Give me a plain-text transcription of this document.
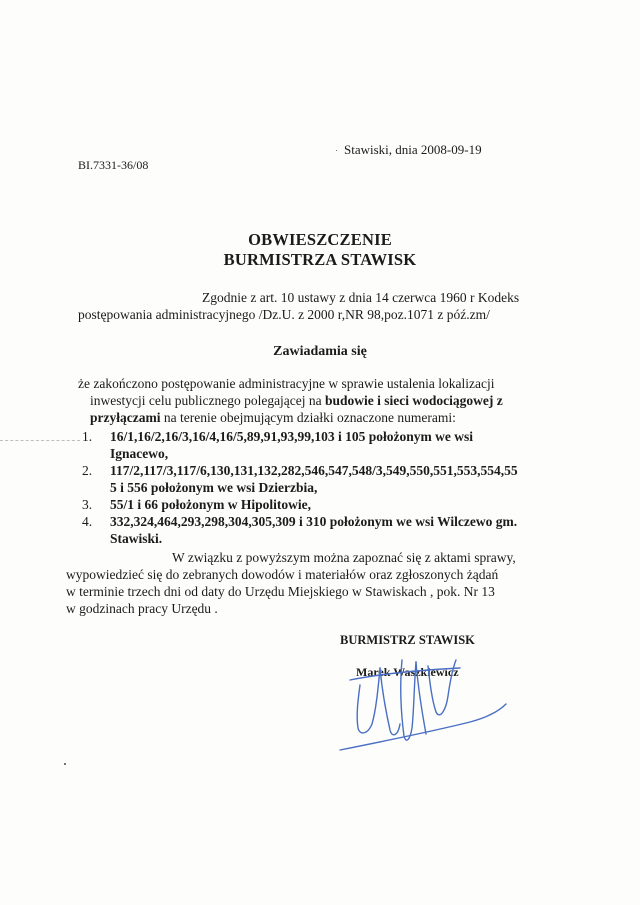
Stawiski, dnia 2008-09-19
BI.7331-36/08
OBWIESZCZENIE
BURMISTRZA STAWISK
Zgodnie z art. 10 ustawy z dnia 14 czerwca 1960 r Kodeks
postępowania administracyjnego /Dz.U. z 2000 r,NR 98,poz.1071 z póź.zm/
Zawiadamia się
że zakończono postępowanie administracyjne w sprawie ustalenia lokalizacji
inwestycji celu publicznego polegającej na budowie i sieci wodociągowej z
przyłączami na terenie obejmującym działki oznaczone numerami:
1. 16/1,16/2,16/3,16/4,16/5,89,91,93,99,103 i 105 położonym we wsi
Ignacewo,
2. 117/2,117/3,117/6,130,131,132,282,546,547,548/3,549,550,551,553,554,55
5 i 556 położonym we wsi Dzierzbia,
3. 55/1 i 66 położonym w Hipolitowie,
4. 332,324,464,293,298,304,305,309 i 310 położonym we wsi Wilczewo gm.
Stawiski.
W związku z powyższym można zapoznać się z aktami sprawy,
wypowiedzieć się do zebranych dowodów i materiałów oraz zgłoszonych żądań
w terminie trzech dni od daty do Urzędu Miejskiego w Stawiskach , pok. Nr 13
w godzinach pracy Urzędu .
BURMISTRZ STAWISK
Marek Waszkiewicz
